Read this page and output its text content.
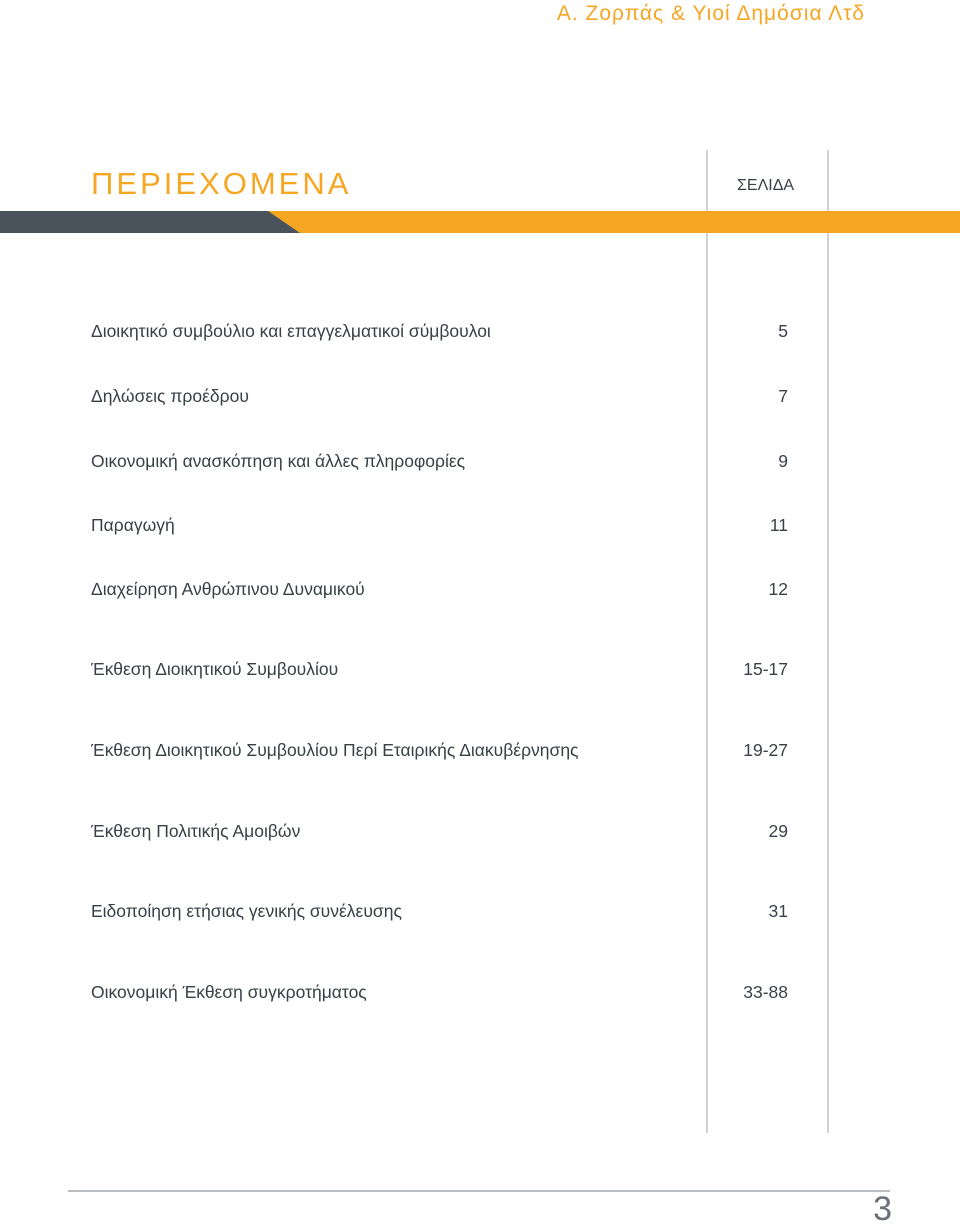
Α. Ζορπάς & Υιοί Δημόσια Λτδ
ΠΕΡΙΕΧΟΜΕΝΑ	ΣΕΛΙΔΑ
Διοικητικό συμβούλιο και επαγγελματικοί σύμβουλοι	5
Δηλώσεις προέδρου	7
Οικονομική ανασκόπηση και άλλες πληροφορίες	9
Παραγωγή	11
Διαχείρηση Ανθρώπινου Δυναμικού	12
Έκθεση Διοικητικού Συμβουλίου	15-17
Έκθεση Διοικητικού Συμβουλίου Περί Εταιρικής Διακυβέρνησης	19-27
Έκθεση Πολιτικής Αμοιβών	29
Ειδοποίηση ετήσιας γενικής συνέλευσης	31
Οικονομική Έκθεση συγκροτήματος	33-88
3
